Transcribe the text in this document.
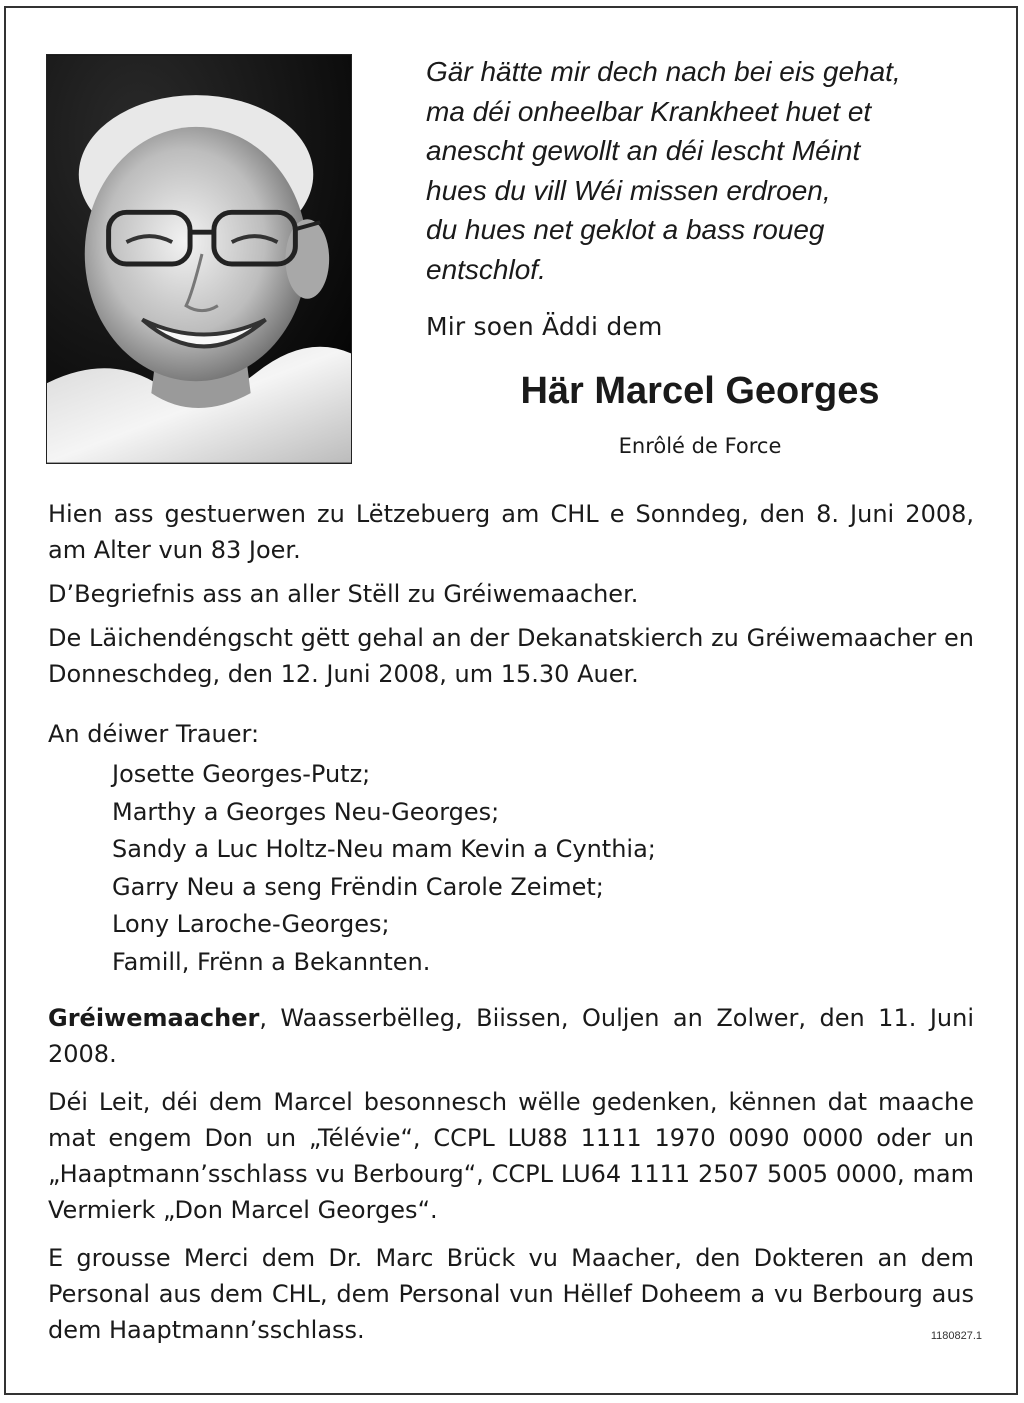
Gär hätte mir dech nach bei eis gehat,
ma déi onheelbar Krankheet huet et
anescht gewollt an déi lescht Méint
hues du vill Wéi missen erdroen,
du hues net geklot a bass roueg
entschlof.
Mir soen Äddi dem
Här Marcel Georges
Enrôlé de Force
Hien ass gestuerwen zu Lëtzebuerg am CHL e Sonndeg, den 8. Juni 2008, am Alter vun 83 Joer.
D’Begriefnis ass an aller Stëll zu Gréiwemaacher.
De Läichendéngscht gëtt gehal an der Dekanatskierch zu Gréiwemaacher en Donneschdeg, den 12. Juni 2008, um 15.30 Auer.
An déiwer Trauer:
Josette Georges-Putz;
Marthy a Georges Neu-Georges;
Sandy a Luc Holtz-Neu mam Kevin a Cynthia;
Garry Neu a seng Frëndin Carole Zeimet;
Lony Laroche-Georges;
Famill, Frënn a Bekannten.
Gréiwemaacher, Waasserbëlleg, Biissen, Ouljen an Zolwer, den 11. Juni 2008.
Déi Leit, déi dem Marcel besonnesch wëlle gedenken, kënnen dat maache mat engem Don un „Télévie“, CCPL LU88 1111 1970 0090 0000 oder un „Haaptmann’sschlass vu Berbourg“, CCPL LU64 1111 2507 5005 0000, mam Vermierk „Don Marcel Georges“.
E grousse Merci dem Dr. Marc Brück vu Maacher, den Dokteren an dem Personal aus dem CHL, dem Personal vun Hëllef Doheem a vu Berbourg aus dem Haaptmann’sschlass.	1180827.1
